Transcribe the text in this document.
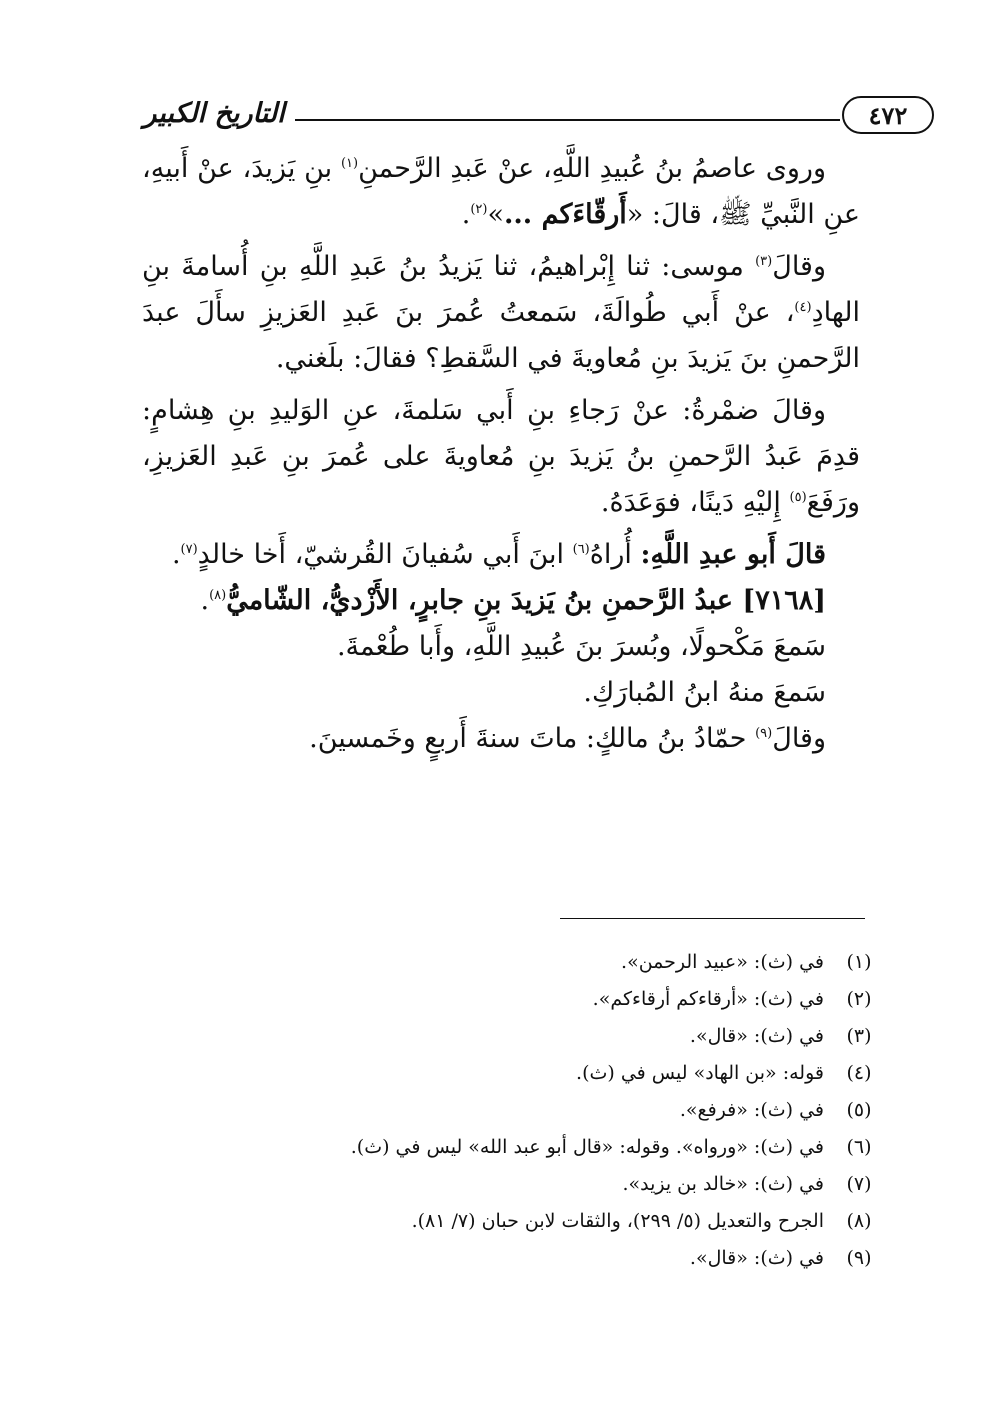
٤٧٢
التاريخ الكبير

وروى عاصمُ بنُ عُبيدِ اللَّهِ، عنْ عَبدِ الرَّحمنِ$^{(١)}$ بنِ يَزيدَ، عنْ أَبيهِ، عنِ النَّبيِّ ﷺ، قالَ: «أَرقّاءَكم ...»$^{(٢)}$.

وقالَ$^{(٣)}$ موسى: ثنا إِبْراهيمُ، ثنا يَزيدُ بنُ عَبدِ اللَّهِ بنِ أُسامةَ بنِ الهادِ$^{(٤)}$، عنْ أَبي طُوالَةَ، سَمعتُ عُمرَ بنَ عَبدِ العَزيزِ سأَلَ عبدَ الرَّحمنِ بنَ يَزيدَ بنِ مُعاويةَ في السَّقطِ؟ فقالَ: بلَغني.

وقالَ ضمْرةُ: عنْ رَجاءِ بنِ أَبي سَلمةَ، عنِ الوَليدِ بنِ هِشامٍ: قدِمَ عَبدُ الرَّحمنِ بنُ يَزيدَ بنِ مُعاويةَ على عُمرَ بنِ عَبدِ العَزيزِ، ورَفَعَ$^{(٥)}$ إِليْهِ دَينًا، فوَعَدَهُ.

قالَ أَبو عبدِ اللَّهِ: أُراهُ$^{(٦)}$ ابنَ أَبي سُفيانَ القُرشيّ، أَخا خالدٍ$^{(٧)}$.

[٧١٦٨] عبدُ الرَّحمنِ بنُ يَزيدَ بنِ جابرٍ، الأَزْديُّ، الشّاميُّ$^{(٨)}$.

سَمعَ مَكْحولًا، وبُسرَ بنَ عُبيدِ اللَّهِ، وأَبا طُعْمةَ.

سَمعَ منهُ ابنُ المُبارَكِ.

وقالَ$^{(٩)}$ حمّادُ بنُ مالكٍ: ماتَ سنةَ أَربعٍ وخَمسينَ.

(١)
في (ث): «عبيد الرحمن».
(٢)
في (ث): «أرقاءكم أرقاءكم».
(٣)
في (ث): «قال».
(٤)
قوله: «بن الهاد» ليس في (ث).
(٥)
في (ث): «فرفع».
(٦)
في (ث): «ورواه». وقوله: «قال أبو عبد الله» ليس في (ث).
(٧)
في (ث): «خالد بن يزيد».
(٨)
الجرح والتعديل (٥/ ٢٩٩)، والثقات لابن حبان (٧/ ٨١).
(٩)
في (ث): «قال».
